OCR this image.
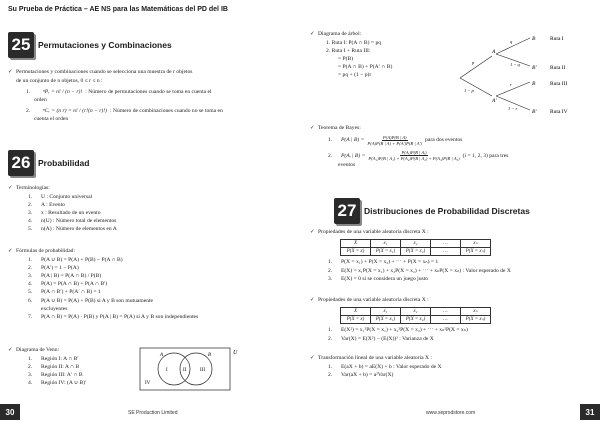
Su Prueba de Práctica – AE NS para las Matemáticas del PD del IB
25 Permutaciones y Combinaciones
✓ Permutaciones y combinaciones cuando se selecciona una muestra de r objetos
de un conjunto de n objetos, 0 ≤ r ≤ n :
1.	ⁿPᵣ = n! / (n − r)! : Número de permutaciones cuando se toma en cuenta el
orden
2.	ⁿCᵣ = (n r) = n! / (r!(n − r)!) : Número de combinaciones cuando no se toma en
cuenta el orden
26 Probabilidad
✓ Terminologías:
1.	U : Conjunto universal
2.	A : Evento
3.	x : Resultado de un evento
4.	n(U) : Número total de elementos
5.	n(A) : Número de elementos en A
✓ Fórmulas de probabilidad:
1.	P(A ∪ B) = P(A) + P(B) − P(A ∩ B)
2.	P(A′) = 1 − P(A)
3.	P(A | B) = P(A ∩ B) / P(B)
4.	P(A) = P(A ∩ B) + P(A ∩ B′)
5.	P(A ∩ B′) + P(A′ ∩ B) = 1
6.	P(A ∪ B) = P(A) + P(B) si A y B son mutuamente
excluyentes
7.	P(A ∩ B) = P(A) · P(B) y P(A | B) = P(A) si A y B son independientes
✓ Diagrama de Venn:
1.	Región I: A ∩ B′
2.	Región II: A ∩ B
3.	Región III: A′ ∩ B
4.	Región IV: (A ∪ B)′
U
A	B
I	II	III
IV
30	SE Production Limited
✓ Diagrama de árbol:
1. Ruta I: P(A ∩ B) = pq
2. Ruta I + Ruta III:
= P(B)
= P(A ∩ B) + P(A′ ∩ B)
= pq + (1 − p)r
A
A′
B
B′
B
B′
p
1 − p
q
1 − q
r
1 − r
Ruta I
Ruta II
Ruta III
Ruta IV
✓ Teorema de Bayes:
1.	P(A | $B) = \frac{P(A)P(B | A)}{P(A)P(B | A) + P(A')P(B | A')}$ para dos eventos
2.	P(Aᵢ | $B) = \frac{\text{P(Aᵢ)P(B | Aᵢ)}}{\text{P(A₁)P(B | A₁) + P(A₂)P(B | A₂) + P(A₃)P(B | A₃)}} (i = 1$, 2, 3) para tres
eventos
27 Distribuciones de Probabilidad Discretas
✓ Propiedades de una variable aleatoria discreta X :
X	x₁	x₂	…	xₙ
P(X = x)	P(X = x₁)	P(X = x₂)	…	P(X = xₙ)
1.	P(X = x₁) + P(X = x₂) + ⋯ + P(X = xₙ) = 1
2.	E(X) = x₁P(X = x₁) + x₂P(X = x₂) + ⋯ + xₙP(X = xₙ) : Valor esperado de X
3.	E(X) = 0 si se considera un juego justo
✓ Propiedades de una variable aleatoria discreta X :
X	x₁	x₂	…	xₙ
P(X = x)	P(X = x₁)	P(X = x₂)	…	P(X = xₙ)
1.	E(X²) = x₁²P(X = x₁) + x₂²P(X = x₂) + ⋯ + xₙ²P(X = xₙ)
2.	Var(X) = E(X²) − (E(X))² : Varianza de X
✓ Transformación lineal de una variable aleatoria X :
1.	E(aX + b) = aE(X) + b : Valor esperado de X
2.	Var(aX + b) = a²Var(X)
31
www.seprodstore.com
